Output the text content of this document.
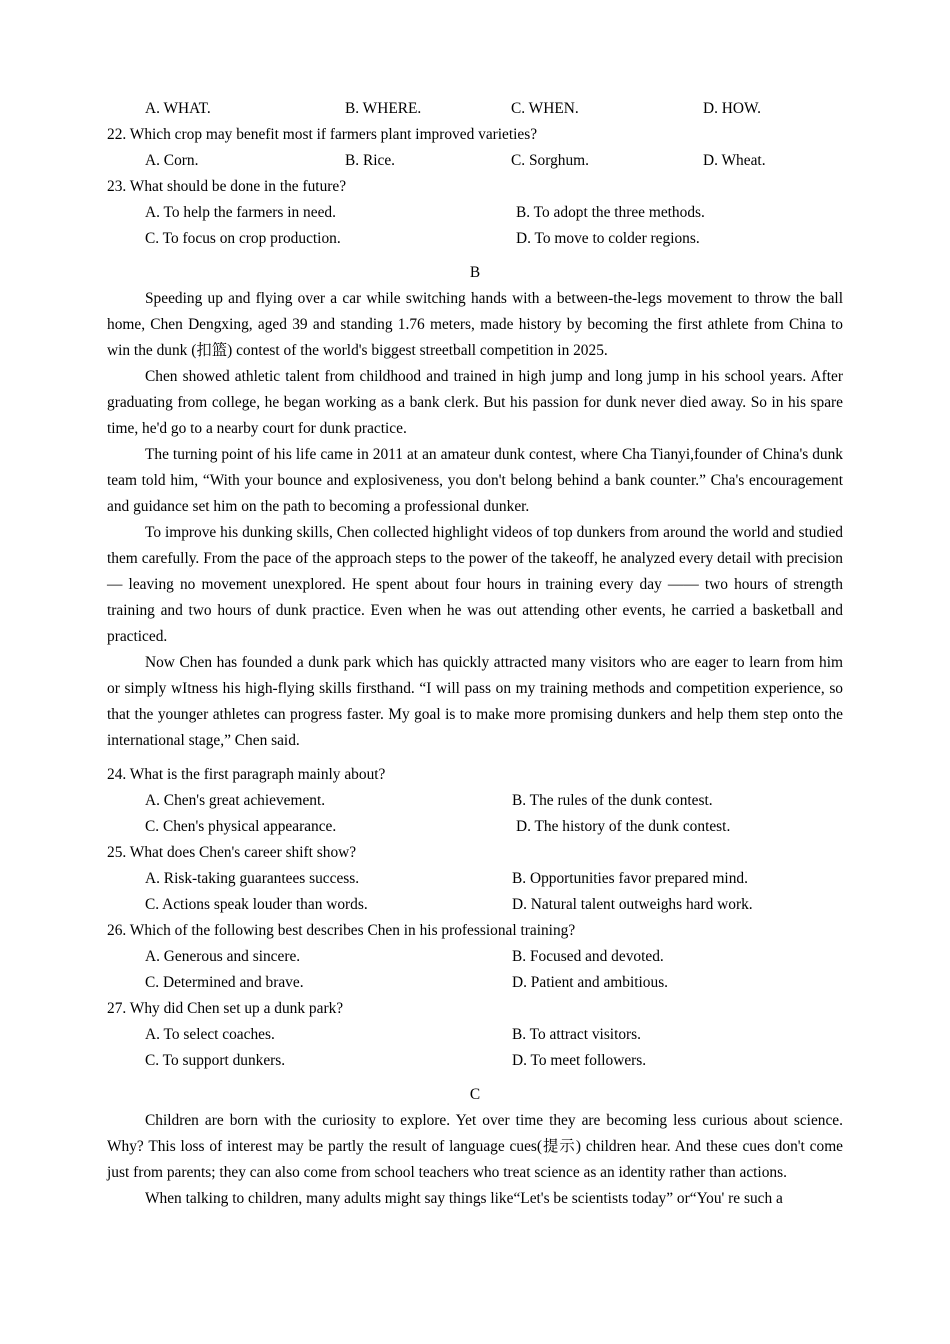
A. WHAT.	B. WHERE.	C. WHEN.	D. HOW.

22. Which crop may benefit most if farmers plant improved varieties?

A. Corn.	B. Rice.	C. Sorghum.	D. Wheat.

23. What should be done in the future?

A. To help the farmers in need.	B. To adopt the three methods.
C. To focus on crop production.	D. To move to colder regions.

B

Speeding up and flying over a car while switching hands with a between-the-legs movement to throw the ball home, Chen Dengxing, aged 39 and standing 1.76 meters, made history by becoming the first athlete from China to win the dunk (扣篮) contest of the world's biggest streetball competition in 2025.

Chen showed athletic talent from childhood and trained in high jump and long jump in his school years. After graduating from college, he began working as a bank clerk. But his passion for dunk never died away. So in his spare time, he'd go to a nearby court for dunk practice.

The turning point of his life came in 2011 at an amateur dunk contest, where Cha Tianyi,founder of China's dunk team told him, “With your bounce and explosiveness, you don't belong behind a bank counter.” Cha's encouragement and guidance set him on the path to becoming a professional dunker.

To improve his dunking skills, Chen collected highlight videos of top dunkers from around the world and studied them carefully. From the pace of the approach steps to the power of the takeoff, he analyzed every detail with precision — leaving no movement unexplored. He spent about four hours in training every day —— two hours of strength training and two hours of dunk practice. Even when he was out attending other events, he carried a basketball and practiced.

Now Chen has founded a dunk park which has quickly attracted many visitors who are eager to learn from him or simply wItness his high-flying skills firsthand. “I will pass on my training methods and competition experience, so that the younger athletes can progress faster. My goal is to make more promising dunkers and help them step onto the international stage,” Chen said.

24. What is the first paragraph mainly about?

A. Chen's great achievement.	B. The rules of the dunk contest.
C. Chen's physical appearance.	D. The history of the dunk contest.

25. What does Chen's career shift show?

A. Risk-taking guarantees success.	B. Opportunities favor prepared mind.
C. Actions speak louder than words.	D. Natural talent outweighs hard work.

26. Which of the following best describes Chen in his professional training?

A. Generous and sincere.	B. Focused and devoted.
C. Determined and brave.	D. Patient and ambitious.

27. Why did Chen set up a dunk park?

A. To select coaches.	B. To attract visitors.
C. To support dunkers.	D. To meet followers.

C

Children are born with the curiosity to explore. Yet over time they are becoming less curious about science. Why? This loss of interest may be partly the result of language cues(提示) children hear. And these cues don't come just from parents; they can also come from school teachers who treat science as an identity rather than actions.

When talking to children, many adults might say things like“Let's be scientists today” or“You' re such a
